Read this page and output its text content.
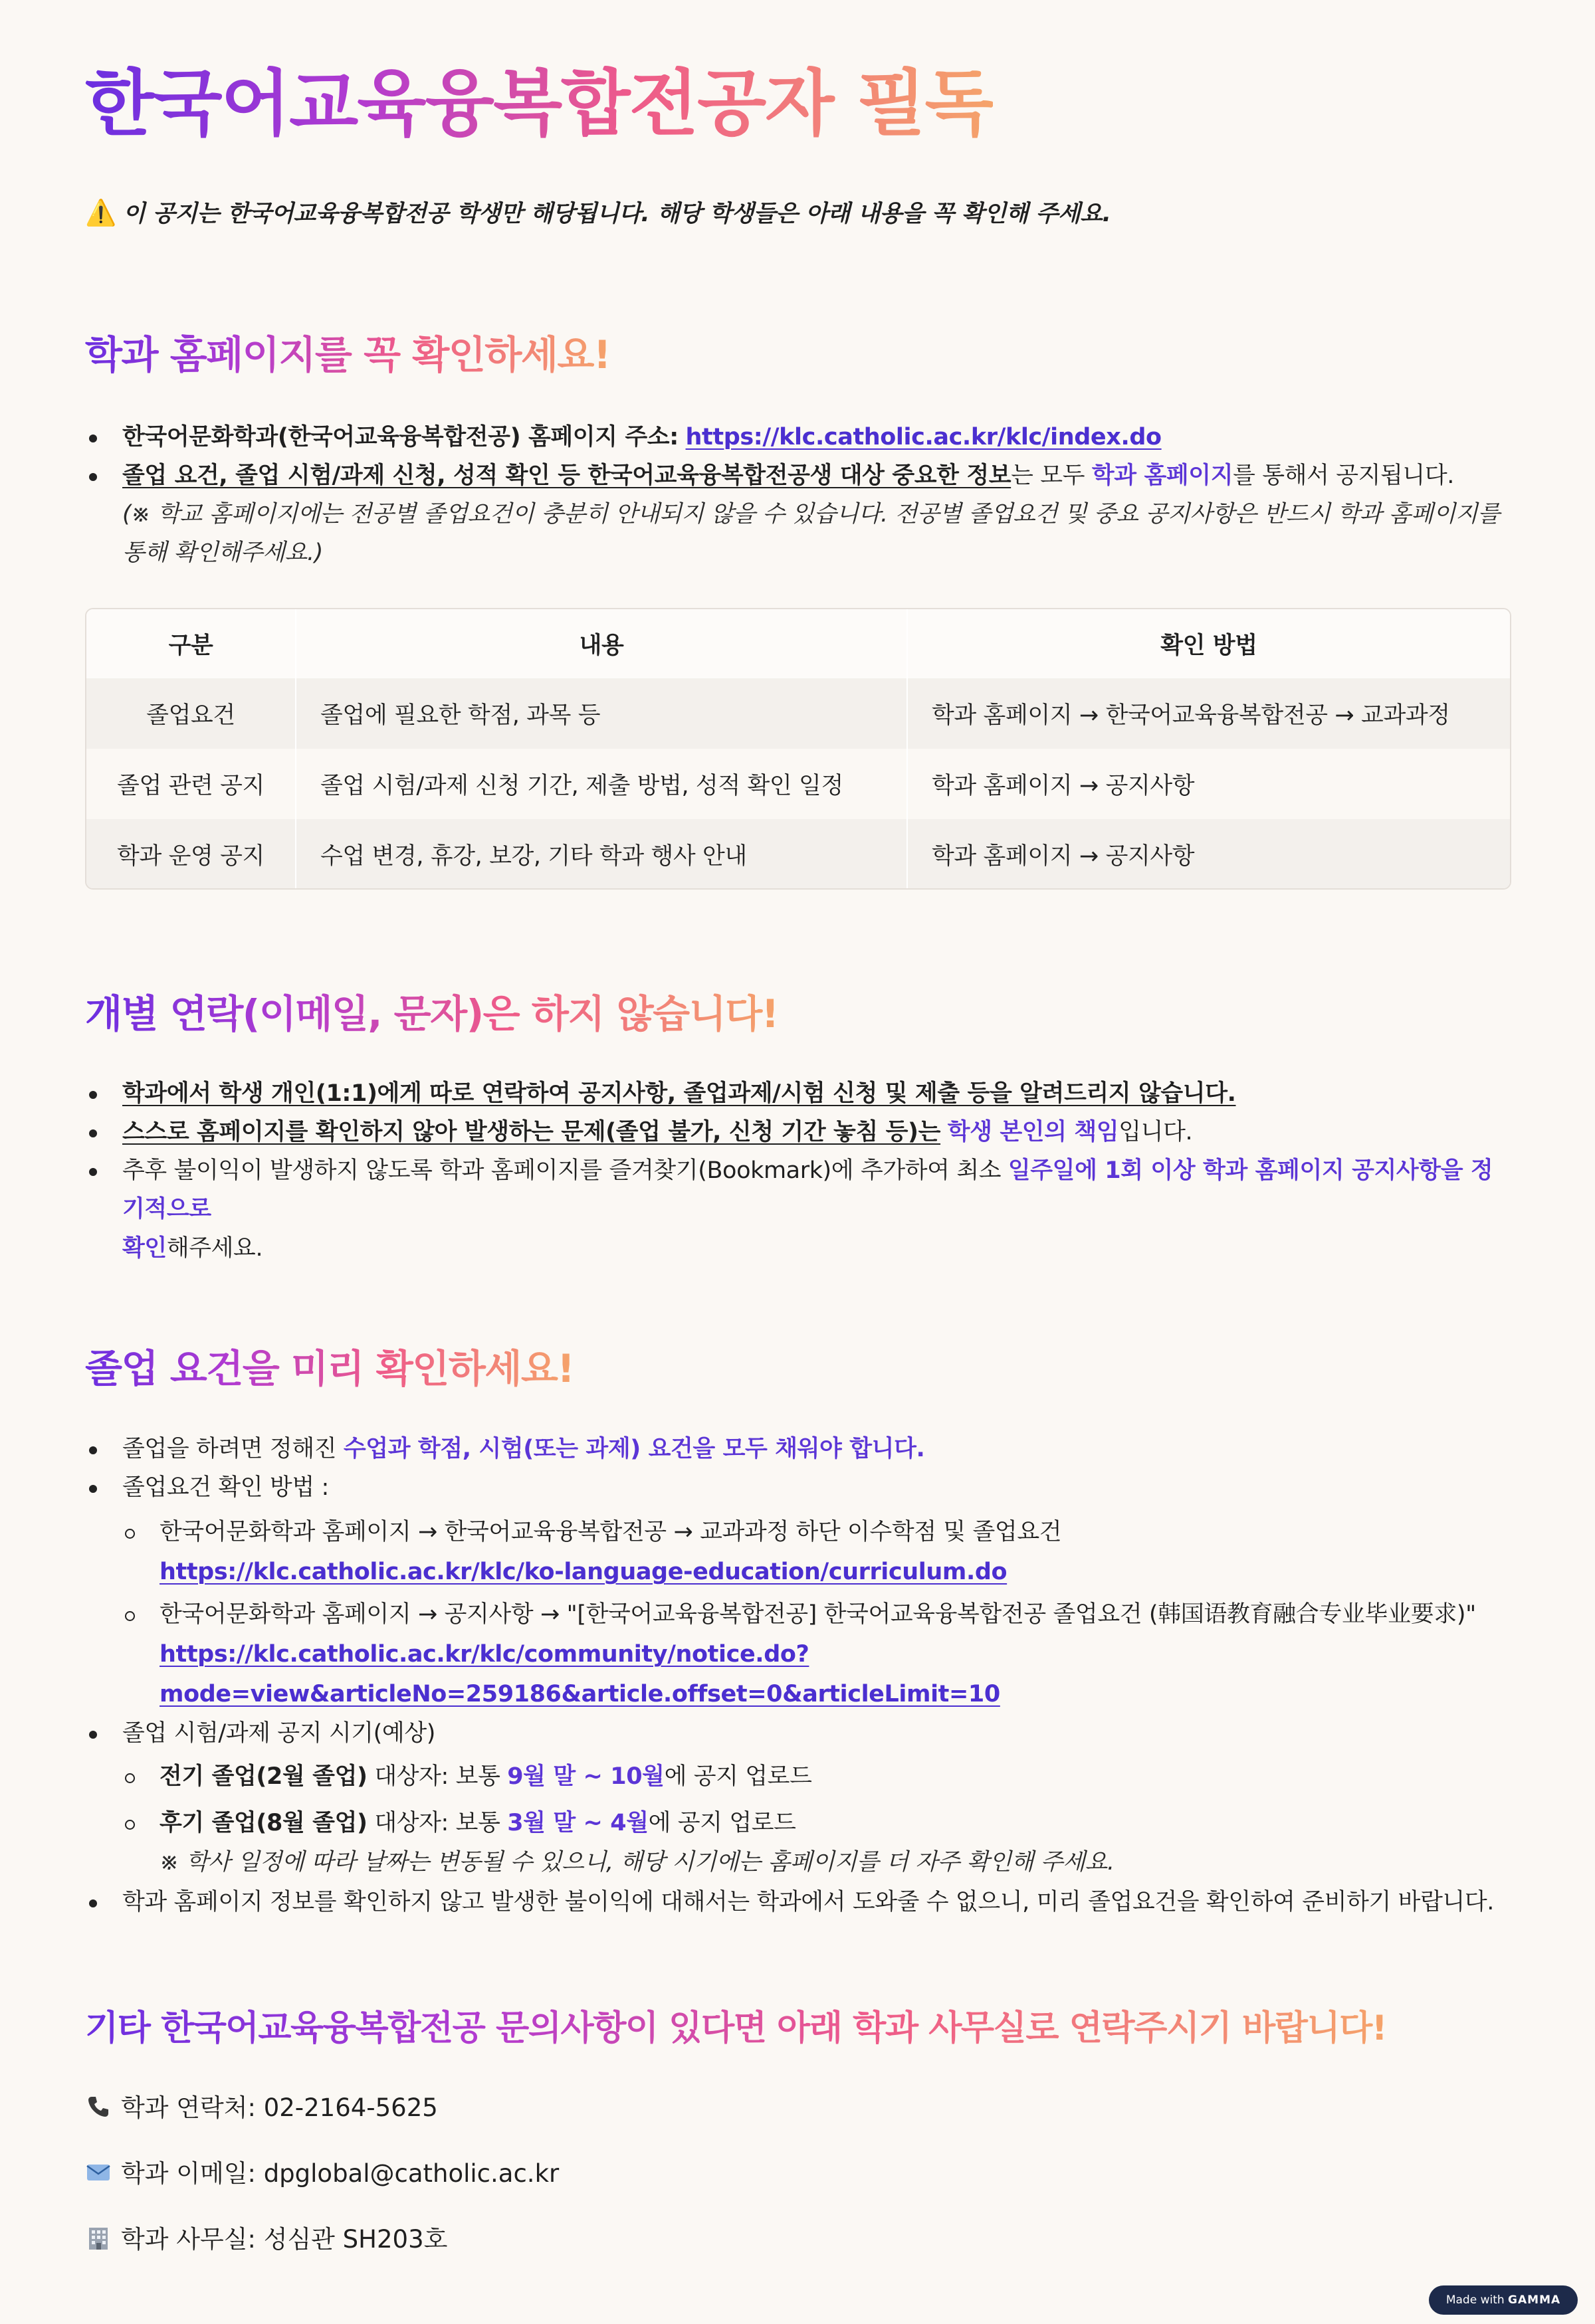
한국어교육융복합전공자 필독
⚠️ 이 공지는 한국어교육융복합전공 학생만 해당됩니다. 해당 학생들은 아래 내용을 꼭 확인해 주세요.
학과 홈페이지를 꼭 확인하세요!
한국어문화학과(한국어교육융복합전공) 홈페이지 주소: https://klc.catholic.ac.kr/klc/index.do
졸업 요건, 졸업 시험/과제 신청, 성적 확인 등 한국어교육융복합전공생 대상 중요한 정보는 모두 학과 홈페이지를 통해서 공지됩니다.
(※ 학교 홈페이지에는 전공별 졸업요건이 충분히 안내되지 않을 수 있습니다. 전공별 졸업요건 및 중요 공지사항은 반드시 학과 홈페이지를 통해 확인해주세요.)
구분	내용	확인 방법
졸업요건	졸업에 필요한 학점, 과목 등	학과 홈페이지 → 한국어교육융복합전공 → 교과과정
졸업 관련 공지	졸업 시험/과제 신청 기간, 제출 방법, 성적 확인 일정	학과 홈페이지 → 공지사항
학과 운영 공지	수업 변경, 휴강, 보강, 기타 학과 행사 안내	학과 홈페이지 → 공지사항
개별 연락(이메일, 문자)은 하지 않습니다!
학과에서 학생 개인(1:1)에게 따로 연락하여 공지사항, 졸업과제/시험 신청 및 제출 등을 알려드리지 않습니다.
스스로 홈페이지를 확인하지 않아 발생하는 문제(졸업 불가, 신청 기간 놓침 등)는 학생 본인의 책임입니다.
추후 불이익이 발생하지 않도록 학과 홈페이지를 즐겨찾기(Bookmark)에 추가하여 최소 일주일에 1회 이상 학과 홈페이지 공지사항을 정기적으로
확인해주세요.
졸업 요건을 미리 확인하세요!
졸업을 하려면 정해진 수업과 학점, 시험(또는 과제) 요건을 모두 채워야 합니다.
졸업요건 확인 방법 :
한국어문화학과 홈페이지 → 한국어교육융복합전공 → 교과과정 하단 이수학점 및 졸업요건
https://klc.catholic.ac.kr/klc/ko-language-education/curriculum.do
한국어문화학과 홈페이지 → 공지사항 → "[한국어교육융복합전공] 한국어교육융복합전공 졸업요건 (韩国语教育融合专业毕业要求)"
https://klc.catholic.ac.kr/klc/community/notice.do?mode=view&articleNo=259186&article.offset=0&articleLimit=10
졸업 시험/과제 공지 시기(예상)
전기 졸업(2월 졸업) 대상자: 보통 9월 말 ~ 10월에 공지 업로드
후기 졸업(8월 졸업) 대상자: 보통 3월 말 ~ 4월에 공지 업로드
※ 학사 일정에 따라 날짜는 변동될 수 있으니, 해당 시기에는 홈페이지를 더 자주 확인해 주세요.
학과 홈페이지 정보를 확인하지 않고 발생한 불이익에 대해서는 학과에서 도와줄 수 없으니, 미리 졸업요건을 확인하여 준비하기 바랍니다.
기타 한국어교육융복합전공 문의사항이 있다면 아래 학과 사무실로 연락주시기 바랍니다!
학과 연락처: 02-2164-5625
학과 이메일: dpglobal@catholic.ac.kr
학과 사무실: 성심관 SH203호
Made with GAMMA
